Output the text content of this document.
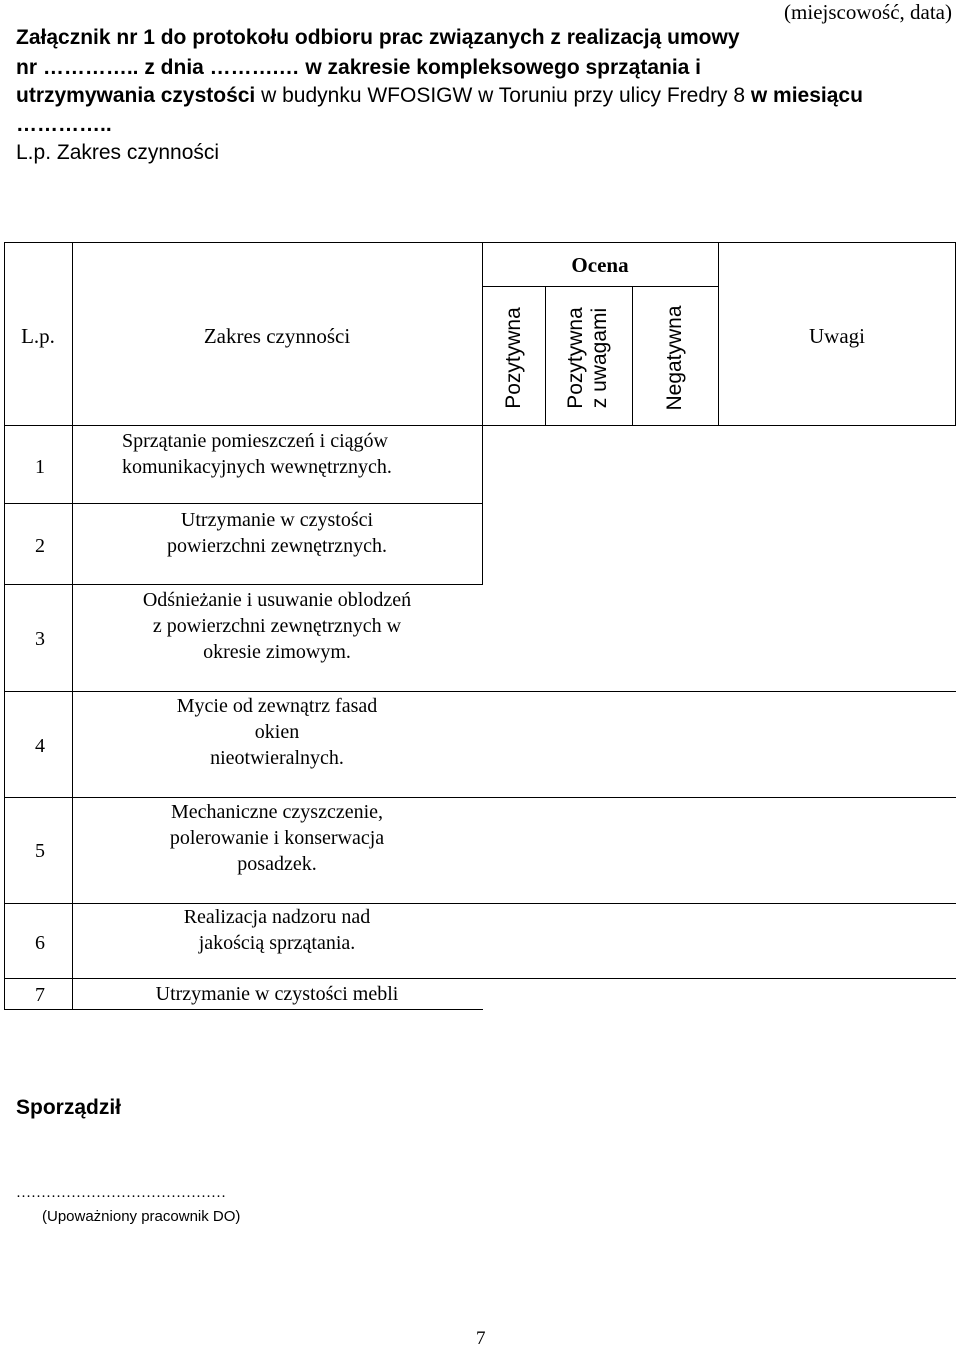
(miejscowość, data)
Załącznik nr 1 do protokołu odbioru prac związanych z realizacją umowy
nr ………….. z dnia ……….… w zakresie kompleksowego sprzątania i
utrzymywania czystości w budynku WFOSIGW w Toruniu przy ulicy Fredry 8 w miesiącu
…………..
L.p. Zakres czynności
L.p.	Zakres czynności
Ocena
Uwagi
Pozytywna Pozytywna z uwagami Negatywna
1
Sprzątanie pomieszczeń i ciągów
komunikacyjnych wewnętrznych.
2
Utrzymanie w czystości
powierzchni zewnętrznych.
3
Odśnieżanie i usuwanie oblodzeń
z powierzchni zewnętrznych w
okresie zimowym.
4
Mycie od zewnątrz fasad
okien
nieotwieralnych.
5
Mechaniczne czyszczenie,
polerowanie i konserwacja
posadzek.
6
Realizacja nadzoru nad
jakością sprzątania.
7	Utrzymanie w czystości mebli
Sporządził
……………………………………
(Upoważniony pracownik DO)
7
